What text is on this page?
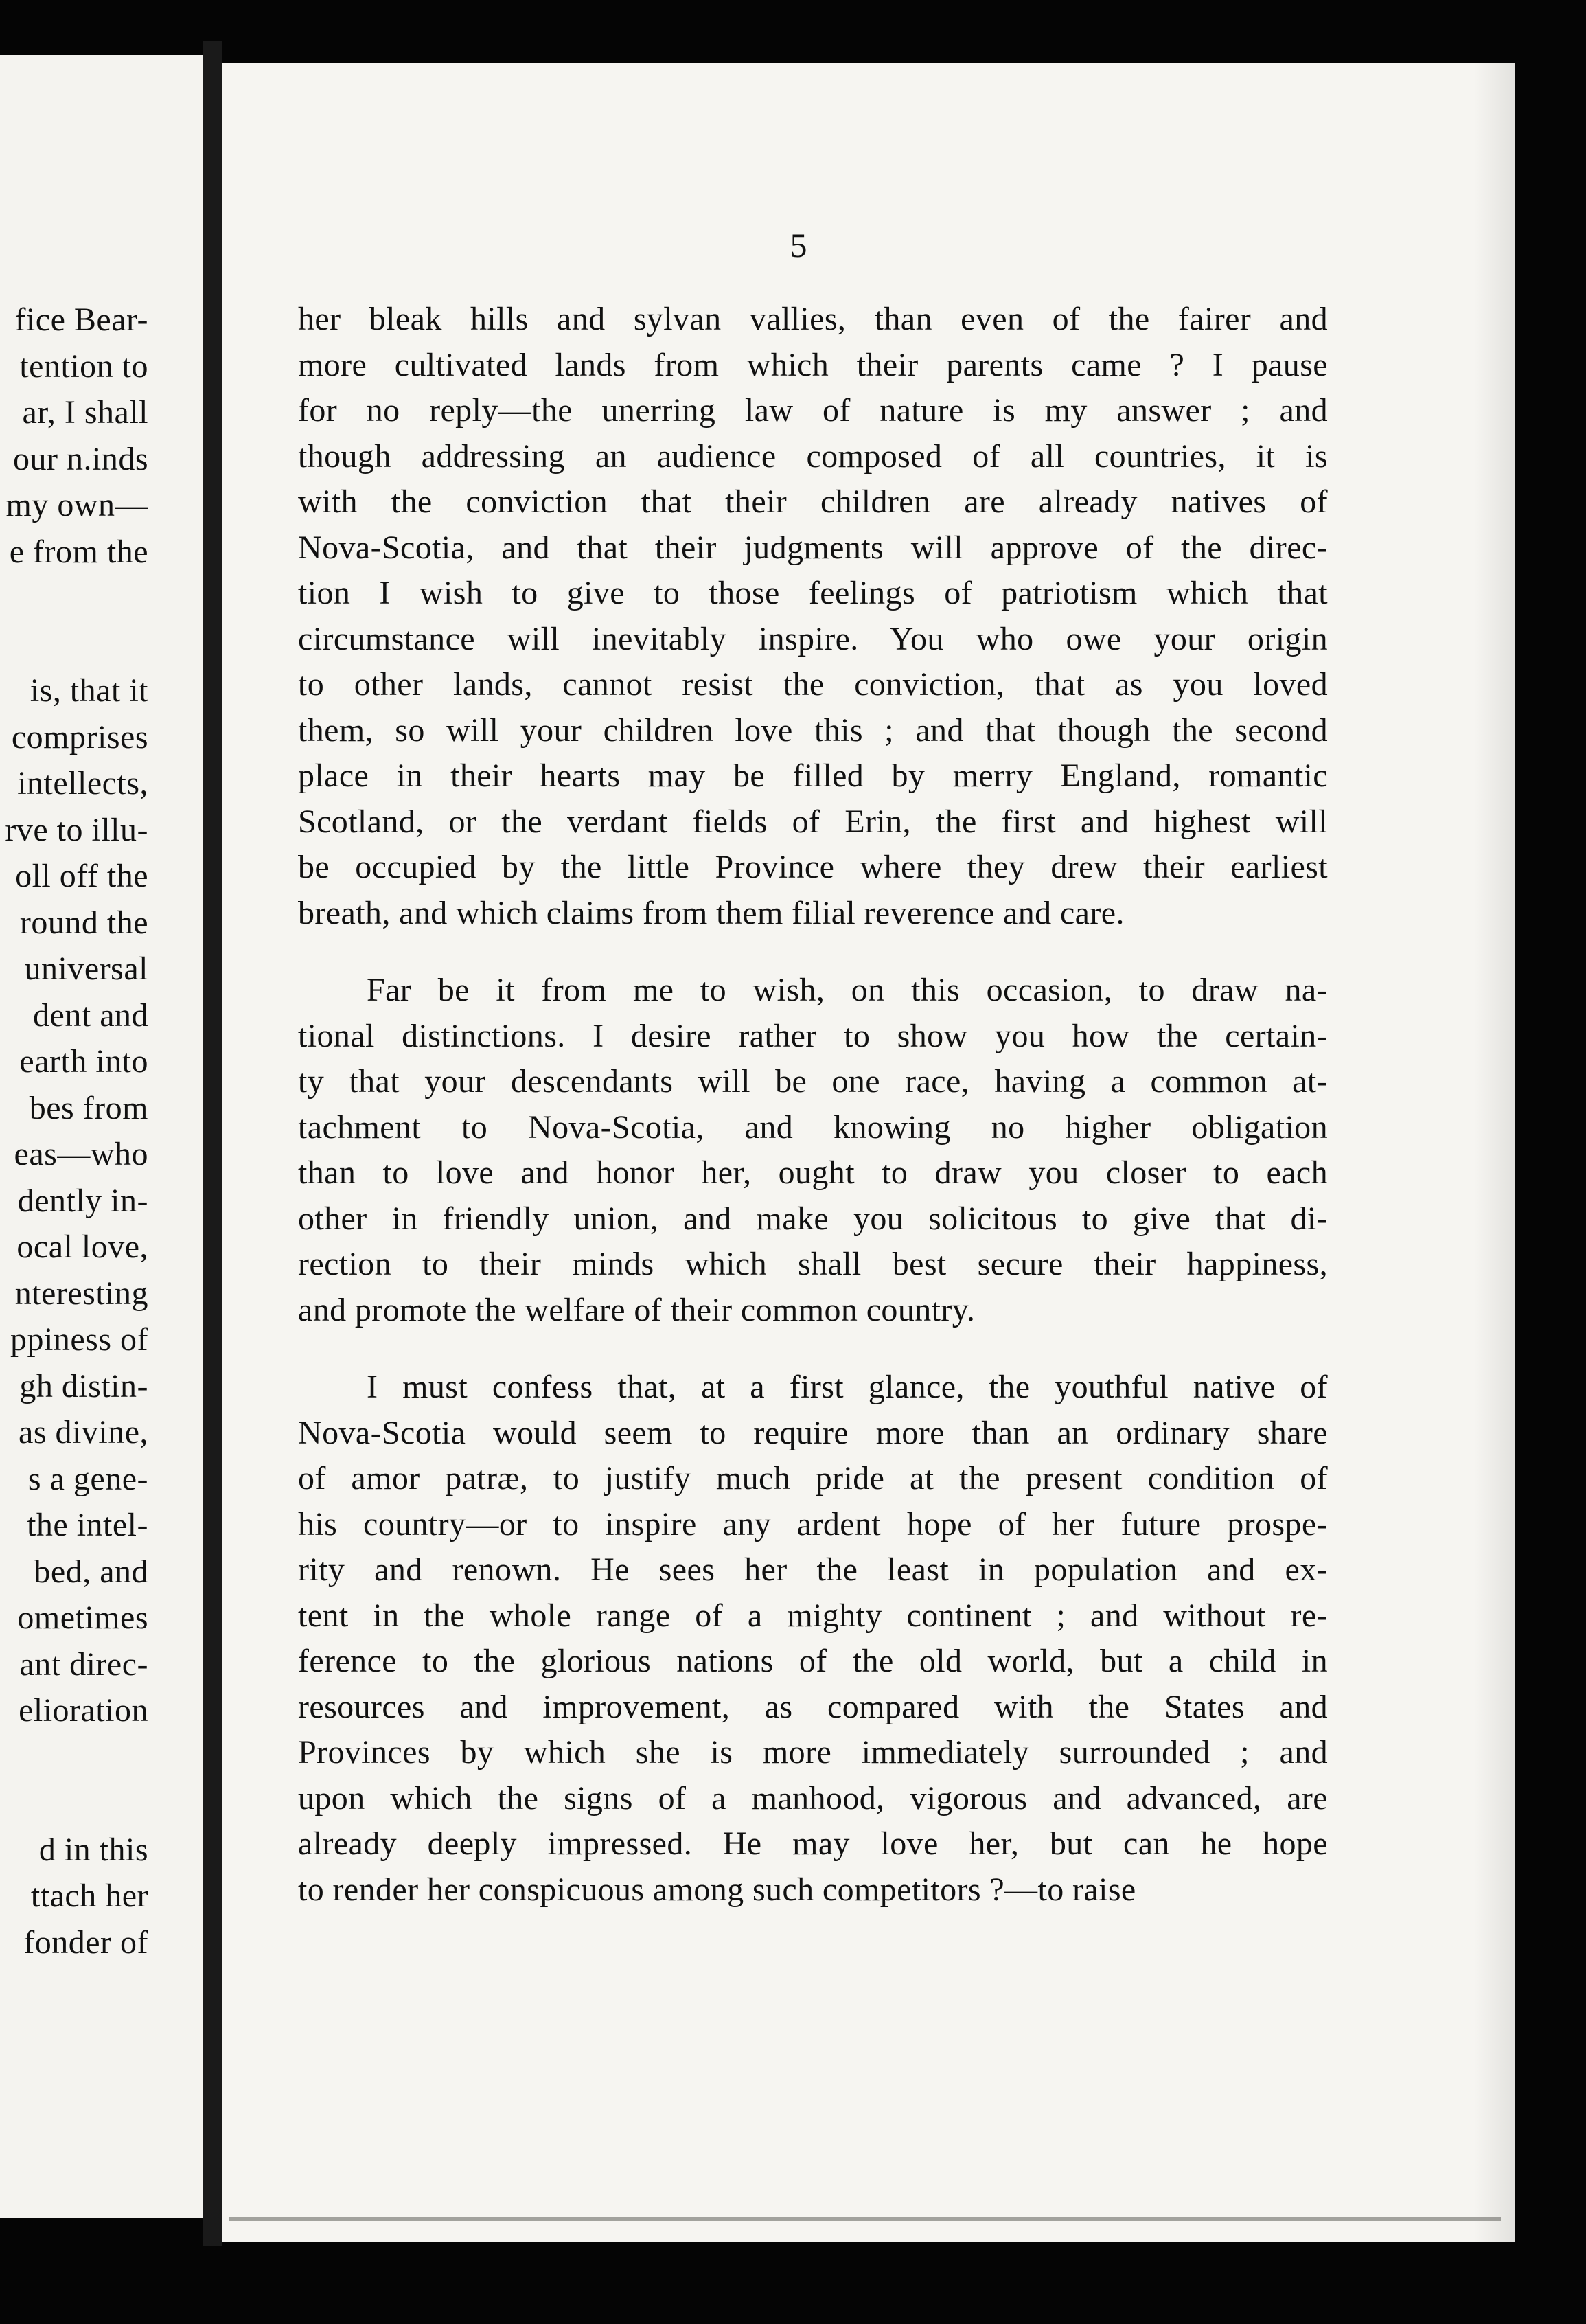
fice Bear-
tention to
ar, I shall
our n.inds
my own—
e from the
is, that it
comprises
intellects,
rve to illu-
oll off the
round the
universal
dent and
earth into
bes from
eas—who
dently in-
ocal love,
nteresting
ppiness of
gh distin-
as divine,
s a gene-
the intel-
bed, and
ometimes
ant direc-
elioration
d in this
ttach her
fonder of
5
her bleak hills and sylvan vallies, than even of the fairer and
more cultivated lands from which their parents came ? I pause
for no reply—the unerring law of nature is my answer ; and
though addressing an audience composed of all countries, it is
with the conviction that their children are already natives of
Nova-Scotia, and that their judgments will approve of the direc-
tion I wish to give to those feelings of patriotism which that
circumstance will inevitably inspire. You who owe your origin
to other lands, cannot resist the conviction, that as you loved
them, so will your children love this ; and that though the second
place in their hearts may be filled by merry England, romantic
Scotland, or the verdant fields of Erin, the first and highest will
be occupied by the little Province where they drew their earliest
breath, and which claims from them filial reverence and care.
Far be it from me to wish, on this occasion, to draw na-
tional distinctions. I desire rather to show you how the certain-
ty that your descendants will be one race, having a common at-
tachment to Nova-Scotia, and knowing no higher obligation
than to love and honor her, ought to draw you closer to each
other in friendly union, and make you solicitous to give that di-
rection to their minds which shall best secure their happiness,
and promote the welfare of their common country.
I must confess that, at a first glance, the youthful native of
Nova-Scotia would seem to require more than an ordinary share
of amor patræ, to justify much pride at the present condition of
his country—or to inspire any ardent hope of her future prospe-
rity and renown. He sees her the least in population and ex-
tent in the whole range of a mighty continent ; and without re-
ference to the glorious nations of the old world, but a child in
resources and improvement, as compared with the States and
Provinces by which she is more immediately surrounded ; and
upon which the signs of a manhood, vigorous and advanced, are
already deeply impressed. He may love her, but can he hope
to render her conspicuous among such competitors ?—to raise
